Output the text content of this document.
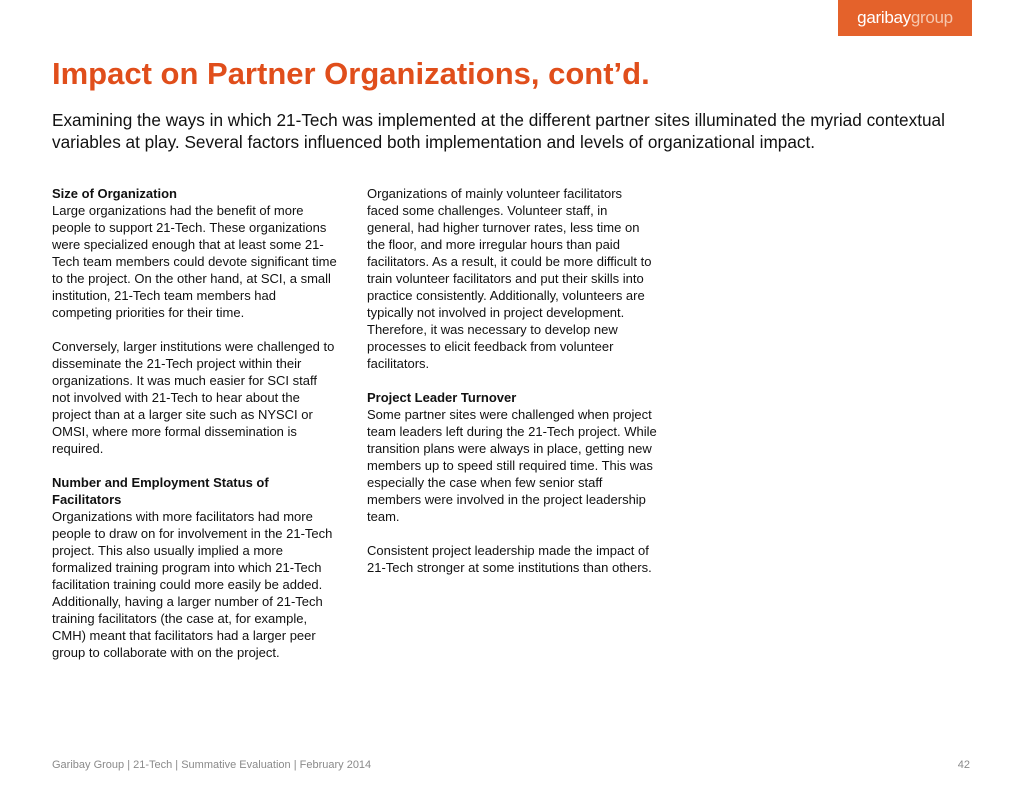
garibay group
Impact on Partner Organizations, cont’d.

Examining the ways in which 21-Tech was implemented at the different partner sites illuminated the myriad contextual variables at play. Several factors influenced both implementation and levels of organizational impact.

Size of Organization
Large organizations had the benefit of more people to support 21-Tech. These organizations were specialized enough that at least some 21-Tech team members could devote significant time to the project. On the other hand, at SCI, a small institution, 21-Tech team members had competing priorities for their time.

Conversely, larger institutions were challenged to disseminate the 21-Tech project within their organizations. It was much easier for SCI staff not involved with 21-Tech to hear about the project than at a larger site such as NYSCI or OMSI, where more formal dissemination is required.

Number and Employment Status of Facilitators
Organizations with more facilitators had more people to draw on for involvement in the 21-Tech project. This also usually implied a more formalized training program into which 21-Tech facilitation training could more easily be added. Additionally, having a larger number of 21-Tech training facilitators (the case at, for example, CMH) meant that facilitators had a larger peer group to collaborate with on the project.

Organizations of mainly volunteer facilitators faced some challenges. Volunteer staff, in general, had higher turnover rates, less time on the floor, and more irregular hours than paid facilitators. As a result, it could be more difficult to train volunteer facilitators and put their skills into practice consistently. Additionally, volunteers are typically not involved in project development. Therefore, it was necessary to develop new processes to elicit feedback from volunteer facilitators.

Project Leader Turnover
Some partner sites were challenged when project team leaders left during the 21-Tech project. While transition plans were always in place, getting new members up to speed still required time. This was especially the case when few senior staff members were involved in the project leadership team.

Consistent project leadership made the impact of 21-Tech stronger at some institutions than others.

Garibay Group | 21-Tech | Summative Evaluation | February 2014	42
